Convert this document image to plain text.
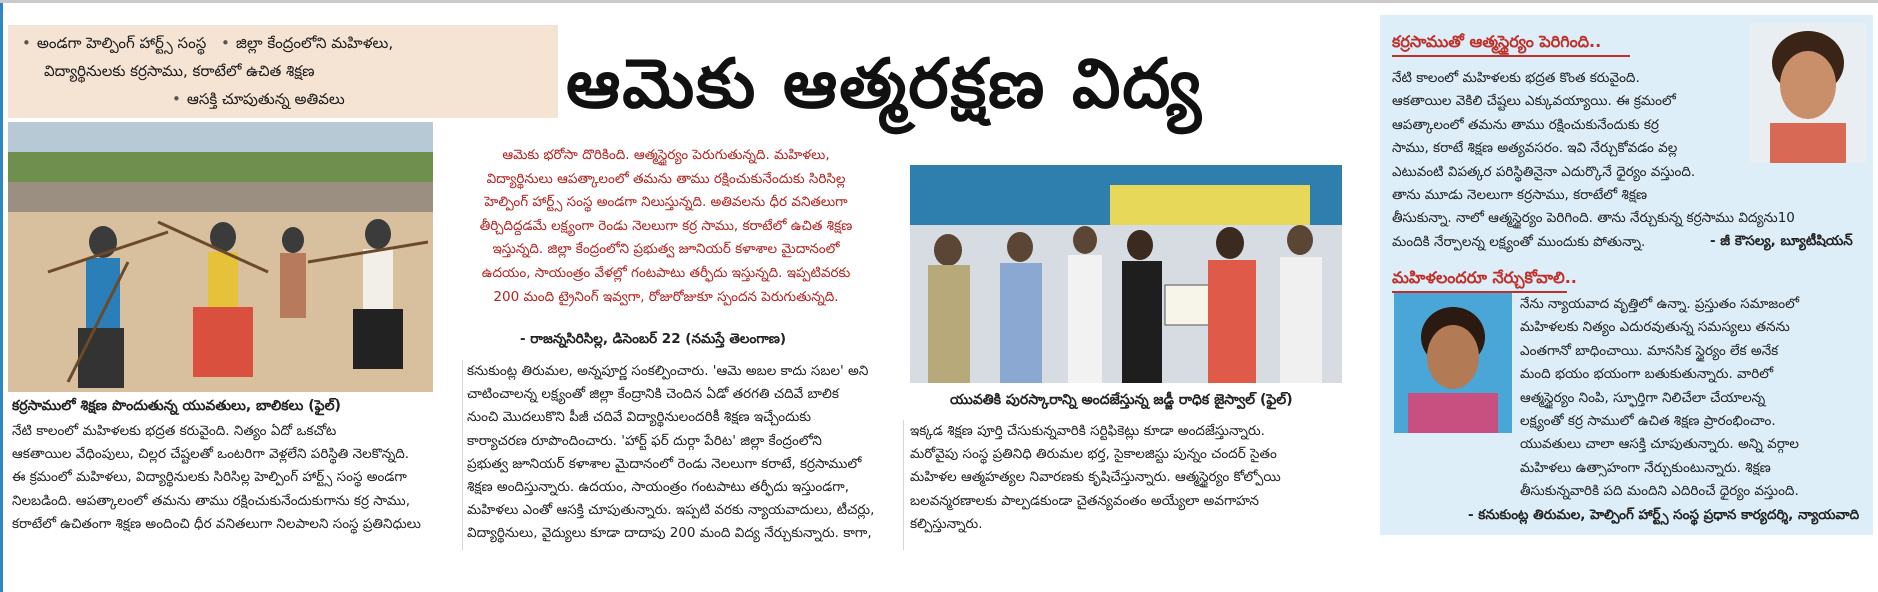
• అండగా హెల్పింగ్ హార్ట్స్ సంస్థ • జిల్లా కేంద్రంలోని మహిళలు,
విద్యార్థినులకు కర్రసాము, కరాటేలో ఉచిత శిక్షణ
• ఆసక్తి చూపుతున్న అతివలు	ఆమెకు ఆత్మరక్షణ విద్య
కర్రసాములో శిక్షణ పొందుతున్న యువతులు, బాలికలు (ఫైల్)
ఆమెకు భరోసా దొరికింది. ఆత్మస్థైర్యం పెరుగుతున్నది. మహిళలు,
విద్యార్థినులు ఆపత్కాలంలో తమను తాము రక్షించుకునేందుకు సిరిసిల్ల
హెల్పింగ్ హార్ట్స్ సంస్థ అండగా నిలుస్తున్నది. అతివలను ధీర వనితలుగా
తీర్చిదిద్దడమే లక్ష్యంగా రెండు నెలలుగా కర్ర సాము, కరాటేలో ఉచిత శిక్షణ
ఇస్తున్నది. జిల్లా కేంద్రంలోని ప్రభుత్వ జూనియర్ కళాశాల మైదానంలో
ఉదయం, సాయంత్రం వేళల్లో గంటపాటు తర్ఫీదు ఇస్తున్నది. ఇప్పటివరకు
200 మంది ట్రైనింగ్ ఇవ్వగా, రోజురోజుకూ స్పందన పెరుగుతున్నది.
- రాజన్నసిరిసిల్ల, డిసెంబర్ 22 (నమస్తే తెలంగాణ)
యువతికి పురస్కారాన్ని అందజేస్తున్న జడ్జీ రాధిక జైస్వాల్ (ఫైల్)
నేటి కాలంలో మహిళలకు భద్రత కరువైంది. నిత్యం ఏదో ఒకచోట
ఆకతాయిల వేధింపులు, చిల్లర చేష్టలతో ఒంటరిగా వెళ్లలేని పరిస్థితి నెలకొన్నది.
ఈ క్రమంలో మహిళలు, విద్యార్థినులకు సిరిసిల్ల హెల్పింగ్ హార్ట్స్ సంస్థ అండగా
నిలబడింది. ఆపత్కాలంలో తమను తాము రక్షించుకునేందుకుగాను కర్ర సాము,
కరాటేలో ఉచితంగా శిక్షణ అందించి ధీర వనితలుగా నిలపాలని సంస్థ ప్రతినిధులు
కనుకుంట్ల తిరుమల, అన్నపూర్ణ సంకల్పించారు. 'ఆమె అబల కాదు సబల' అని
చాటించాలన్న లక్ష్యంతో జిల్లా కేంద్రానికి చెందిన ఏడో తరగతి చదివే బాలిక
నుంచి మొదలుకొని పీజీ చదివే విద్యార్థినులందరికీ శిక్షణ ఇచ్చేందుకు
కార్యాచరణ రూపొందించారు. 'హార్ట్ ఫర్ దుర్గా పేరిట' జిల్లా కేంద్రంలోని
ప్రభుత్వ జూనియర్ కళాశాల మైదానంలో రెండు నెలలుగా కరాటే, కర్రసాములో
శిక్షణ అందిస్తున్నారు. ఉదయం, సాయంత్రం గంటపాటు తర్ఫీదు ఇస్తుండగా,
మహిళలు ఎంతో ఆసక్తి చూపుతున్నారు. ఇప్పటి వరకు న్యాయవాదులు, టీచర్లు,
విద్యార్థినులు, వైద్యులు కూడా దాదాపు 200 మంది విద్య నేర్చుకున్నారు. కాగా,
ఇక్కడ శిక్షణ పూర్తి చేసుకున్నవారికి సర్టిఫికెట్లు కూడా అందజేస్తున్నారు.
మరోవైపు సంస్థ ప్రతినిధి తిరుమల భర్త, సైకాలజిస్టు పున్నం చందర్ సైతం
మహిళల ఆత్మహత్యల నివారణకు కృషిచేస్తున్నారు. ఆత్మస్థైర్యం కోల్పోయి
బలవన్మరణాలకు పాల్పడకుండా చైతన్యవంతం అయ్యేలా అవగాహన
కల్పిస్తున్నారు.
కర్రసాముతో ఆత్మస్థైర్యం పెరిగింది..
నేటి కాలంలో మహిళలకు భద్రత కొంత కరువైంది.
ఆకతాయిల వెకిలి చేష్టలు ఎక్కువయ్యాయి. ఈ క్రమంలో
ఆపత్కాలంలో తమను తాము రక్షించుకునేందుకు కర్ర
సాము, కరాటే శిక్షణ అత్యవసరం. ఇవి నేర్చుకోవడం వల్ల
ఎటువంటి విపత్కర పరిస్థితినైనా ఎదుర్కొనే ధైర్యం వస్తుంది.
తాను మూడు నెలలుగా కర్రసాము, కరాటేలో శిక్షణ
తీసుకున్నా. నాలో ఆత్మస్థైర్యం పెరిగింది. తాను నేర్చుకున్న కర్రసాము విద్యను10
మందికి నేర్పాలన్న లక్ష్యంతో ముందుకు పోతున్నా.	- జీ కౌసల్య, బ్యూటీషియన్
మహిళలందరూ నేర్చుకోవాలి..
నేను న్యాయవాద వృత్తిలో ఉన్నా. ప్రస్తుతం సమాజంలో
మహిళలకు నిత్యం ఎదురవుతున్న సమస్యలు తనను
ఎంతగానో బాధించాయి. మానసిక స్థైర్యం లేక అనేక
మంది భయం భయంగా బతుకుతున్నారు. వారిలో
ఆత్మస్థైర్యం నింపి, స్ఫూర్తిగా నిలిచేలా చేయాలన్న
లక్ష్యంతో కర్ర సాములో ఉచిత శిక్షణ ప్రారంభించాం.
యువతులు చాలా ఆసక్తి చూపుతున్నారు. అన్ని వర్గాల
మహిళలు ఉత్సాహంగా నేర్చుకుంటున్నారు. శిక్షణ
తీసుకున్నవారికి పది మందిని ఎదిరించే ధైర్యం వస్తుంది.
- కనుకుంట్ల తిరుమల, హెల్పింగ్ హార్ట్స్ సంస్థ ప్రధాన కార్యదర్శి, న్యాయవాది
